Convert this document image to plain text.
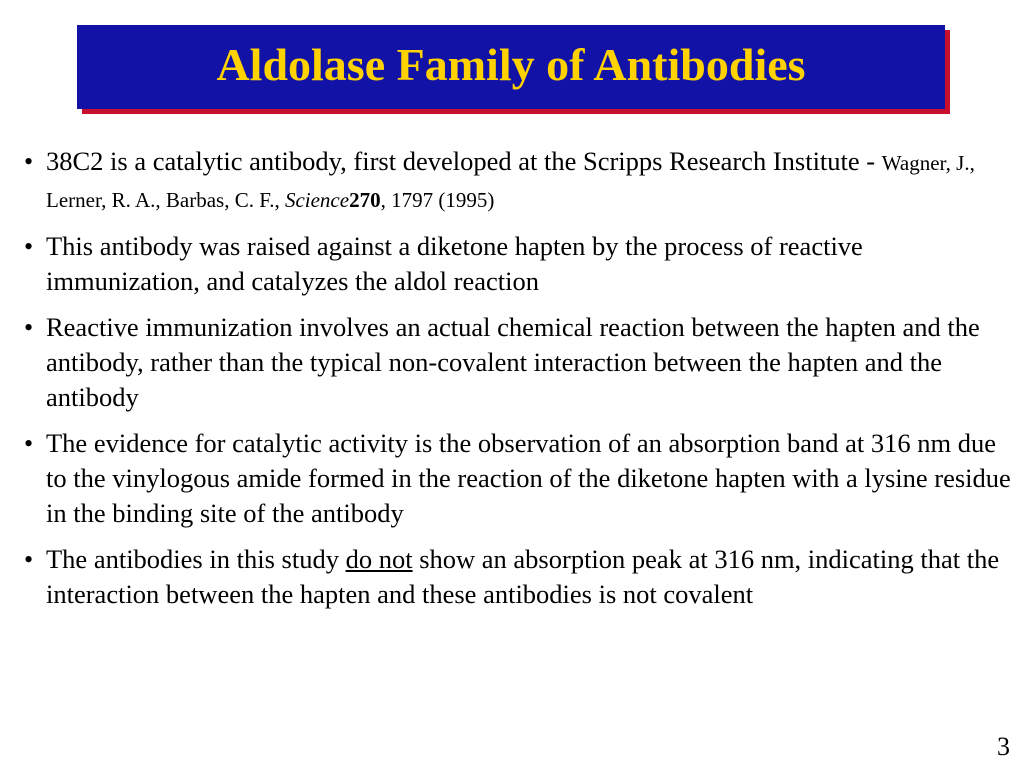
Aldolase Family of Antibodies
• 38C2 is a catalytic antibody, first developed at the Scripps Research Institute - Wagner, J., Lerner, R. A., Barbas, C. F., Science270, 1797 (1995)
• This antibody was raised against a diketone hapten by the process of reactive immunization, and catalyzes the aldol reaction
• Reactive immunization involves an actual chemical reaction between the hapten and the antibody, rather than the typical non-covalent interaction between the hapten and the antibody
• The evidence for catalytic activity is the observation of an absorption band at 316 nm due to the vinylogous amide formed in the reaction of the diketone hapten with a lysine residue in the binding site of the antibody
• The antibodies in this study do not show an absorption peak at 316 nm, indicating that the interaction between the hapten and these antibodies is not covalent
3
